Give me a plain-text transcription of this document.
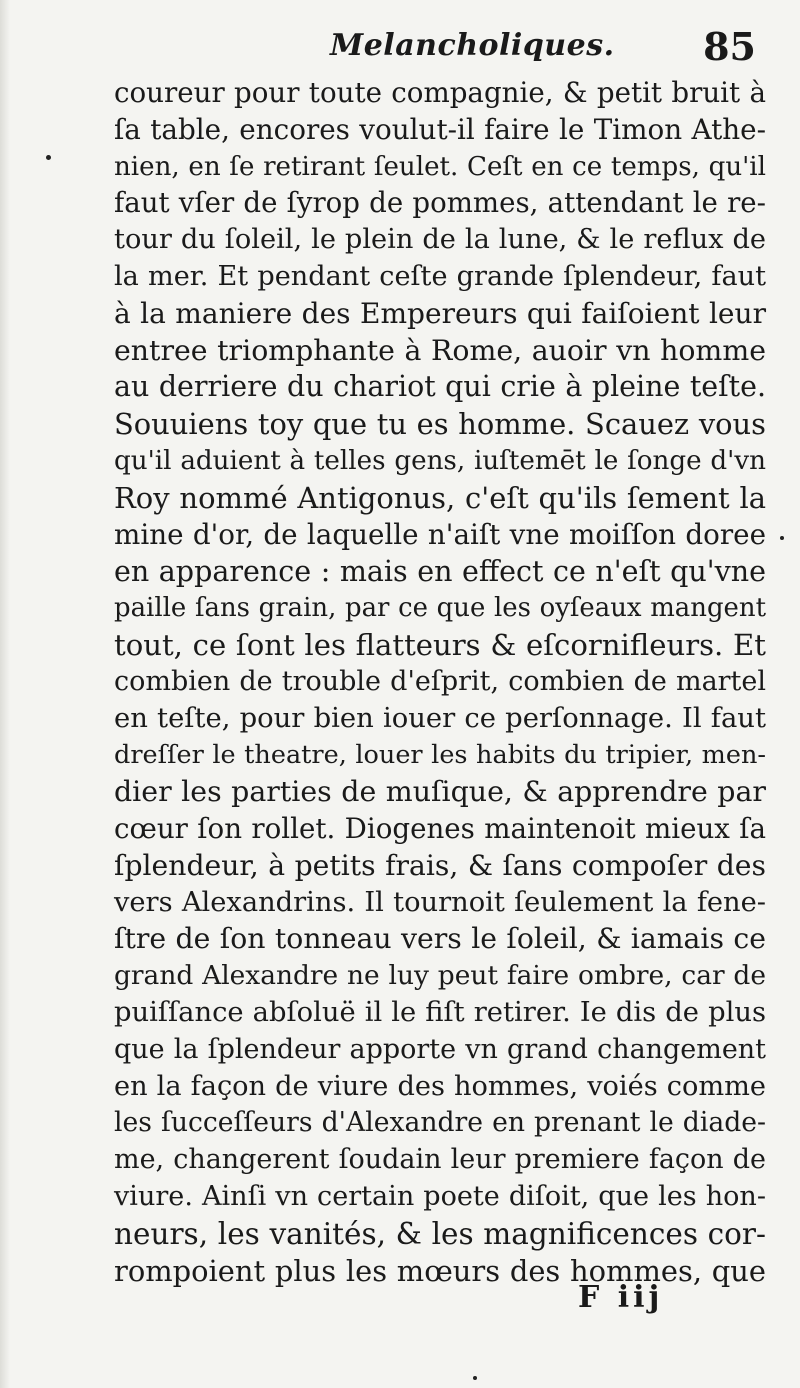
Melancholiques. 85
coureur pour toute compagnie, & petit bruit à
ſa table, encores voulut-il faire le Timon Athe-
nien, en ſe retirant ſeulet. Ceſt en ce temps, qu'il
faut vſer de ſyrop de pommes, attendant le re-
tour du ſoleil, le plein de la lune, & le reflux de
la mer. Et pendant ceſte grande ſplendeur, faut
à la maniere des Empereurs qui faiſoient leur
entree triomphante à Rome, auoir vn homme
au derriere du chariot qui crie à pleine teſte.
Souuiens toy que tu es homme. Scauez vous
qu'il aduient à telles gens, iuſtemēt le ſonge d'vn
Roy nommé Antigonus, c'eſt qu'ils ſement la
mine d'or, de laquelle n'aiſt vne moiſſon doree
en apparence : mais en effect ce n'eſt qu'vne
paille ſans grain, par ce que les oyſeaux mangent
tout, ce ſont les flatteurs & eſcornifleurs. Et
combien de trouble d'eſprit, combien de martel
en teſte, pour bien iouer ce perſonnage. Il faut
dreſſer le theatre, louer les habits du tripier, men-
dier les parties de muſique, & apprendre par
cœur ſon rollet. Diogenes maintenoit mieux ſa
ſplendeur, à petits frais, & ſans compoſer des
vers Alexandrins. Il tournoit ſeulement la fene-
ſtre de ſon tonneau vers le ſoleil, & iamais ce
grand Alexandre ne luy peut faire ombre, car de
puiſſance abſoluë il le fiſt retirer. Ie dis de plus
que la ſplendeur apporte vn grand changement
en la façon de viure des hommes, voiés comme
les ſucceſſeurs d'Alexandre en prenant le diade-
me, changerent ſoudain leur premiere façon de
viure. Ainſi vn certain poete diſoit, que les hon-
neurs, les vanités, & les magnificences cor-
rompoient plus les mœurs des hommes, que
F iij
